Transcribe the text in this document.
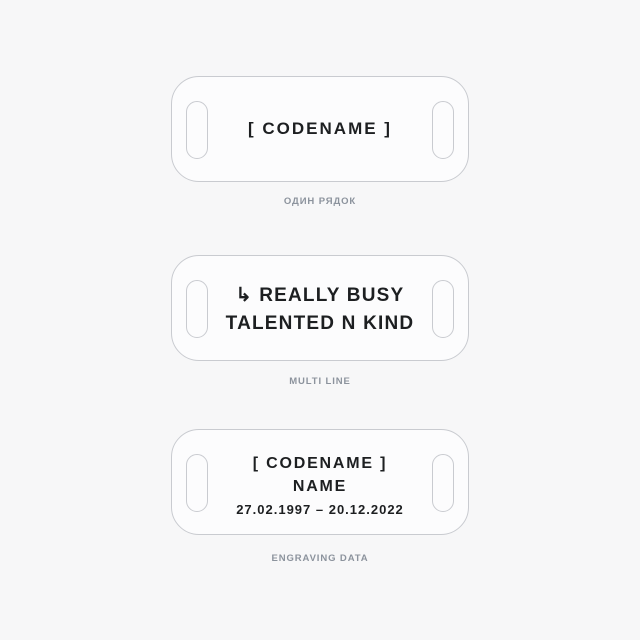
[ CODENAME ]
ОДИН РЯДОК
↳ REALLY BUSY
TALENTED N KIND
MULTI LINE
[ CODENAME ]
NAME
27.02.1997 – 20.12.2022
ENGRAVING DATA
